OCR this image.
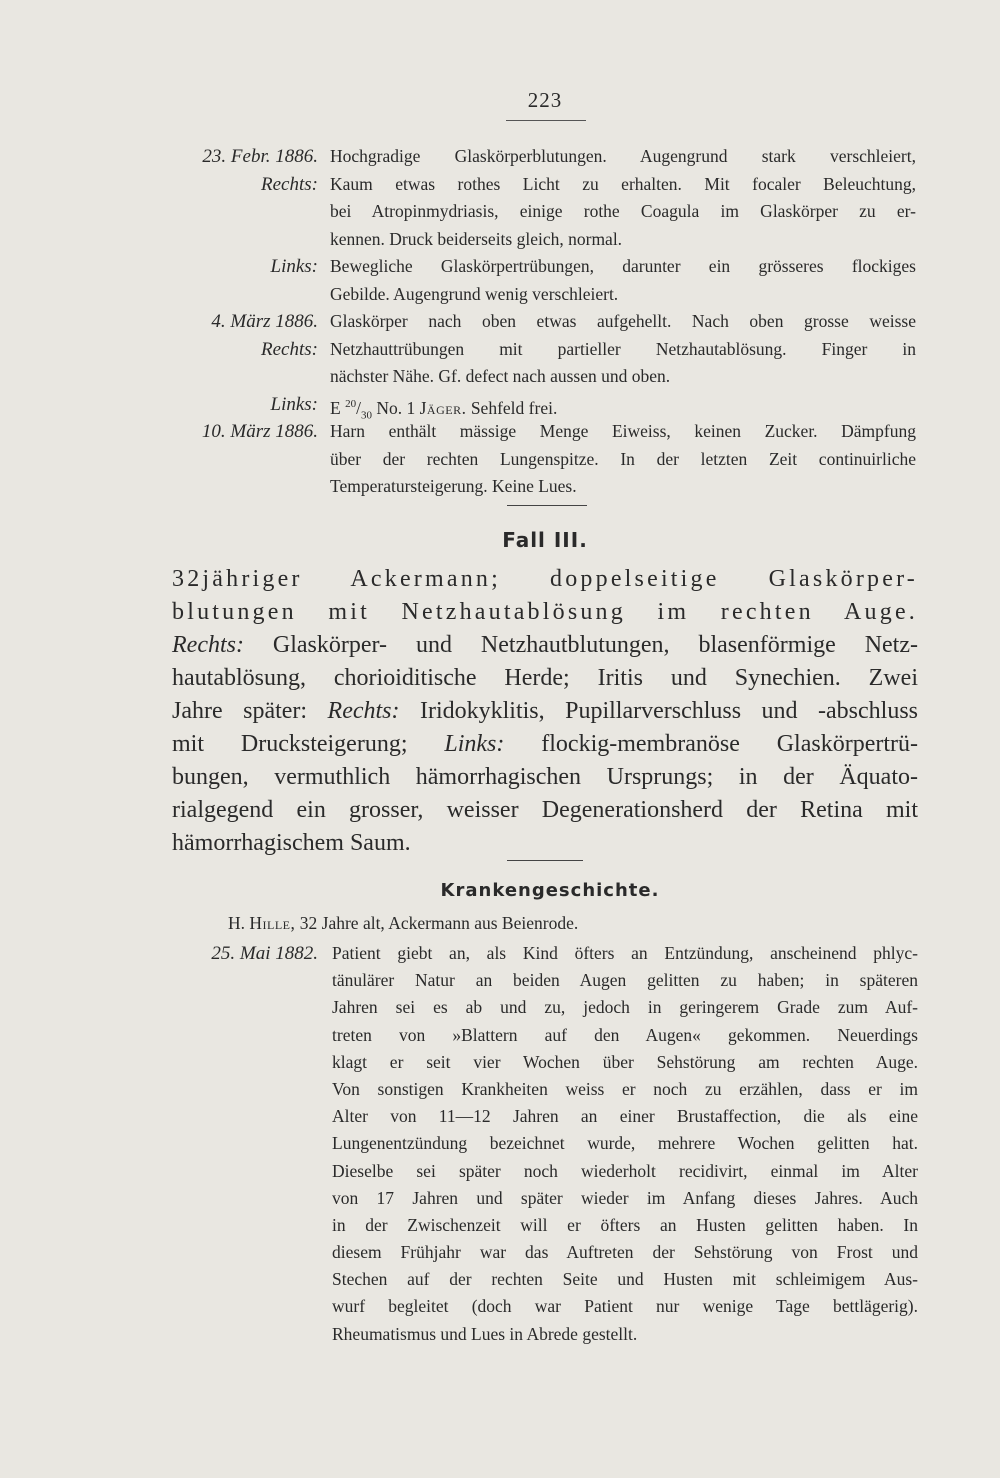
223
23. Febr. 1886. Hochgradige Glaskörperblutungen. Augengrund stark verschleiert,
Rechts: Kaum etwas rothes Licht zu erhalten. Mit focaler Beleuchtung,
bei Atropinmydriasis, einige rothe Coagula im Glaskörper zu er-
kennen. Druck beiderseits gleich, normal.
Links: Bewegliche Glaskörpertrübungen, darunter ein grösseres flockiges
Gebilde. Augengrund wenig verschleiert.
4. März 1886. Glaskörper nach oben etwas aufgehellt. Nach oben grosse weisse
Rechts: Netzhauttrübungen mit partieller Netzhautablösung. Finger in
nächster Nähe. Gf. defect nach aussen und oben.
Links: E $^{20}/_{30}$ No. 1 Jäger. Sehfeld frei.
10. März 1886. Harn enthält mässige Menge Eiweiss, keinen Zucker. Dämpfung
über der rechten Lungenspitze. In der letzten Zeit continuirliche
Temperatursteigerung. Keine Lues.
Fall III.
32jähriger Ackermann; doppelseitige Glaskörper-
blutungen mit Netzhautablösung im rechten Auge.
Rechts: Glaskörper- und Netzhautblutungen, blasenförmige Netz-
hautablösung, chorioiditische Herde; Iritis und Synechien. Zwei
Jahre später: Rechts: Iridokyklitis, Pupillarverschluss und -abschluss
mit Drucksteigerung; Links: flockig-membranöse Glaskörpertrü-
bungen, vermuthlich hämorrhagischen Ursprungs; in der Äquato-
rialgegend ein grosser, weisser Degenerationsherd der Retina mit
hämorrhagischem Saum.
Krankengeschichte.
H. Hille, 32 Jahre alt, Ackermann aus Beienrode.
25. Mai 1882. Patient giebt an, als Kind öfters an Entzündung, anscheinend phlyc-
tänulärer Natur an beiden Augen gelitten zu haben; in späteren
Jahren sei es ab und zu, jedoch in geringerem Grade zum Auf-
treten von »Blattern auf den Augen« gekommen. Neuerdings
klagt er seit vier Wochen über Sehstörung am rechten Auge.
Von sonstigen Krankheiten weiss er noch zu erzählen, dass er im
Alter von 11—12 Jahren an einer Brustaffection, die als eine
Lungenentzündung bezeichnet wurde, mehrere Wochen gelitten hat.
Dieselbe sei später noch wiederholt recidivirt, einmal im Alter
von 17 Jahren und später wieder im Anfang dieses Jahres. Auch
in der Zwischenzeit will er öfters an Husten gelitten haben. In
diesem Frühjahr war das Auftreten der Sehstörung von Frost und
Stechen auf der rechten Seite und Husten mit schleimigem Aus-
wurf begleitet (doch war Patient nur wenige Tage bettlägerig).
Rheumatismus und Lues in Abrede gestellt.
